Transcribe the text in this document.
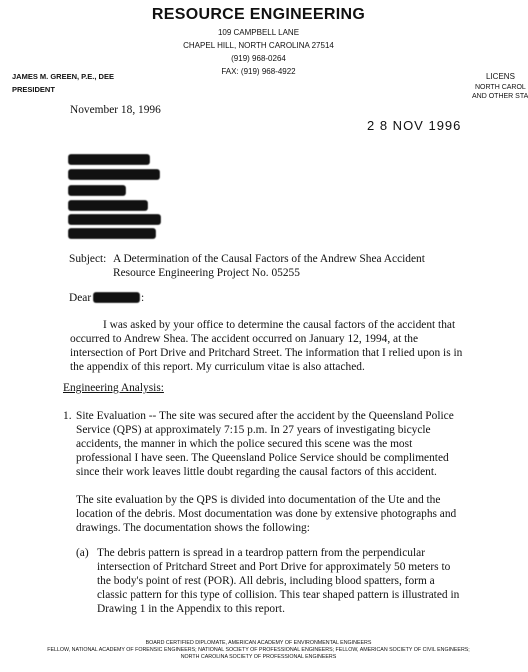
RESOURCE ENGINEERING
109 CAMPBELL LANE
CHAPEL HILL, NORTH CAROLINA 27514
(919) 968-0264
FAX: (919) 968-4922
JAMES M. GREEN, P.E., DEE
PRESIDENT
LICENS
NORTH CAROL
AND OTHER STA
November 18, 1996
2 8 NOV 1996
Subject: A Determination of the Causal Factors of the Andrew Shea Accident
Resource Engineering Project No. 05255
Dear	:
I was asked by your office to determine the causal factors of the accident that
occurred to Andrew Shea. The accident occurred on January 12, 1994, at the
intersection of Port Drive and Pritchard Street. The information that I relied upon is in
the appendix of this report. My curriculum vitae is also attached.
Engineering Analysis:
1. Site Evaluation -- The site was secured after the accident by the Queensland Police
Service (QPS) at approximately 7:15 p.m. In 27 years of investigating bicycle
accidents, the manner in which the police secured this scene was the most
professional I have seen. The Queensland Police Service should be complimented
since their work leaves little doubt regarding the causal factors of this accident.
The site evaluation by the QPS is divided into documentation of the Ute and the
location of the debris. Most documentation was done by extensive photographs and
drawings. The documentation shows the following:
(a) The debris pattern is spread in a teardrop pattern from the perpendicular
intersection of Pritchard Street and Port Drive for approximately 50 meters to
the body's point of rest (POR). All debris, including blood spatters, form a
classic pattern for this type of collision. This tear shaped pattern is illustrated in
Drawing 1 in the Appendix to this report.
BOARD CERTIFIED DIPLOMATE, AMERICAN ACADEMY OF ENVIRONMENTAL ENGINEERS
FELLOW, NATIONAL ACADEMY OF FORENSIC ENGINEERS; NATIONAL SOCIETY OF PROFESSIONAL ENGINEERS; FELLOW, AMERICAN SOCIETY OF CIVIL ENGINEERS;
NORTH CAROLINA SOCIETY OF PROFESSIONAL ENGINEERS
